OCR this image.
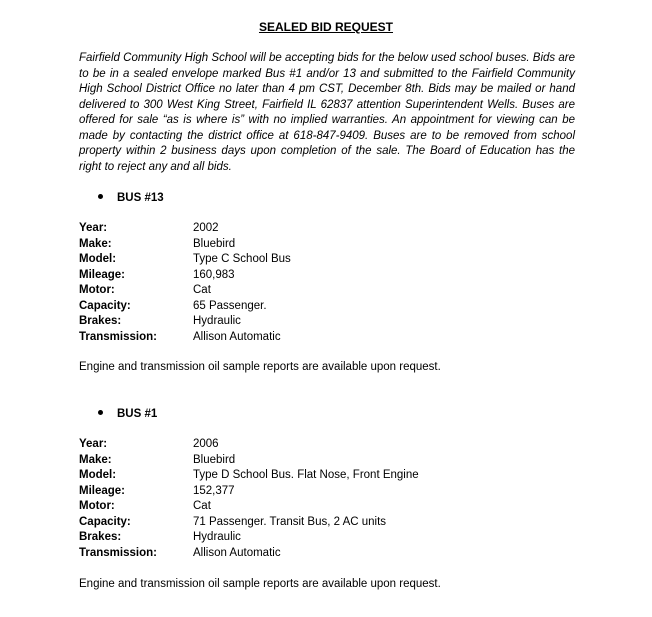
SEALED BID REQUEST

Fairfield Community High School will be accepting bids for the below used school buses. Bids are to be in a sealed envelope marked Bus #1 and/or 13 and submitted to the Fairfield Community High School District Office no later than 4 pm CST, December 8th. Bids may be mailed or hand delivered to 300 West King Street, Fairfield IL 62837 attention Superintendent Wells. Buses are offered for sale “as is where is” with no implied warranties. An appointment for viewing can be made by contacting the district office at 618-847-9409. Buses are to be removed from school property within 2 business days upon completion of the sale. The Board of Education has the right to reject any and all bids.

BUS #13
Year:	2002
Make:	Bluebird
Model:	Type C School Bus
Mileage:	160,983
Motor:	Cat
Capacity:	65 Passenger.
Brakes:	Hydraulic
Transmission:	Allison Automatic
Engine and transmission oil sample reports are available upon request.
BUS #1
Year:	2006
Make:	Bluebird
Model:	Type D School Bus. Flat Nose, Front Engine
Mileage:	152,377
Motor:	Cat
Capacity:	71 Passenger. Transit Bus, 2 AC units
Brakes:	Hydraulic
Transmission:	Allison Automatic
Engine and transmission oil sample reports are available upon request.
